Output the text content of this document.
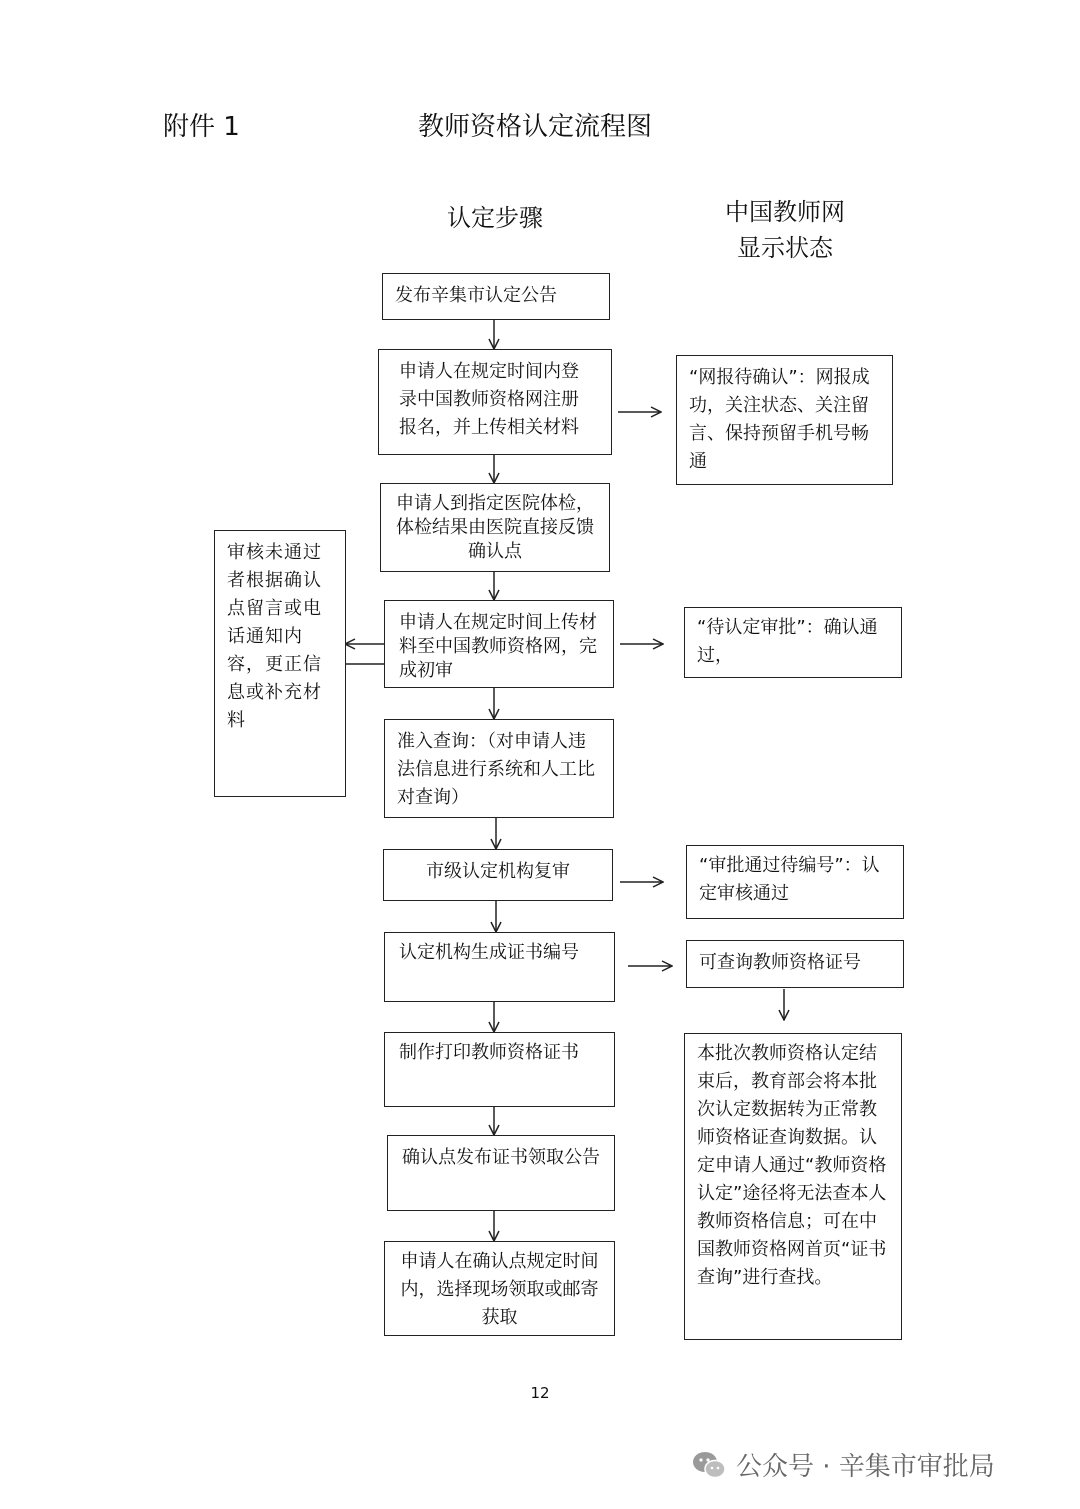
附件 1	教师资格认定流程图
认定步骤	中国教师网
显示状态
发布辛集市认定公告
申请人在规定时间内登录中国教师资格网注册报名，并上传相关材料
申请人到指定医院体检，体检结果由医院直接反馈确认点
申请人在规定时间上传材料至中国教师资格网，完成初审
准入查询：（对申请人违法信息进行系统和人工比对查询）
市级认定机构复审
认定机构生成证书编号
制作打印教师资格证书
确认点发布证书领取公告
申请人在确认点规定时间内，选择现场领取或邮寄获取
“网报待确认”：网报成功，关注状态、关注留言、保持预留手机号畅通
“待认定审批”：确认通过，
“审批通过待编号”：认定审核通过
可查询教师资格证号
本批次教师资格认定结束后，教育部会将本批次认定数据转为正常教师资格证查询数据。认定申请人通过“教师资格认定”途径将无法查本人教师资格信息；可在中国教师资格网首页“证书查询”进行查找。
审核未通过者根据确认点留言或电话通知内容，更正信息或补充材料
12
公众号 · 辛集市审批局
